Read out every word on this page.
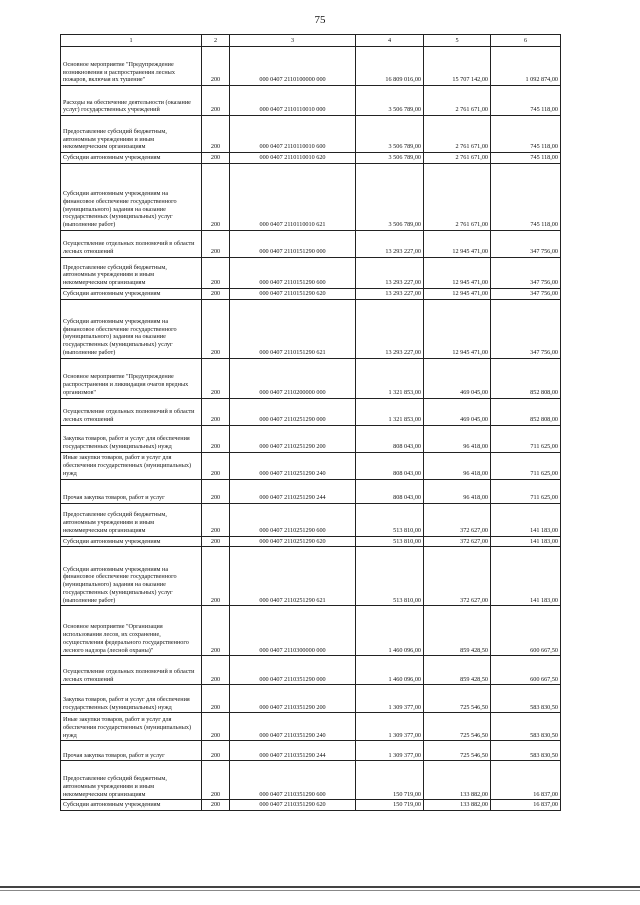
75
1	2	3	4	5	6
Основное мероприятие "Предупреждение возникновения и распространения лесных пожаров, включая их тушение"	200	000 0407 2110100000 000	16 809 016,00	15 707 142,00	1 092 874,00
Расходы на обеспечение деятельности (оказание услуг) государственных учреждений	200	000 0407 2110110010 000	3 506 789,00	2 761 671,00	745 118,00
Предоставление субсидий бюджетным, автономным учреждениям и иным некоммерческим организациям	200	000 0407 2110110010 600	3 506 789,00	2 761 671,00	745 118,00
Субсидии автономным учреждениям	200	000 0407 2110110010 620	3 506 789,00	2 761 671,00	745 118,00
Субсидии автономным учреждениям на финансовое обеспечение государственного (муниципального) задания на оказание государственных (муниципальных) услуг (выполнение работ)	200	000 0407 2110110010 621	3 506 789,00	2 761 671,00	745 118,00
Осуществление отдельных полномочий в области лесных отношений	200	000 0407 2110151290 000	13 293 227,00	12 945 471,00	347 756,00
Предоставление субсидий бюджетным, автономным учреждениям и иным некоммерческим организациям	200	000 0407 2110151290 600	13 293 227,00	12 945 471,00	347 756,00
Субсидии автономным учреждениям	200	000 0407 2110151290 620	13 293 227,00	12 945 471,00	347 756,00
Субсидии автономным учреждениям на финансовое обеспечение государственного (муниципального) задания на оказание государственных (муниципальных) услуг (выполнение работ)	200	000 0407 2110151290 621	13 293 227,00	12 945 471,00	347 756,00
Основное мероприятие "Предупреждение распространения и ликвидация очагов вредных организмов"	200	000 0407 2110200000 000	1 321 853,00	469 045,00	852 808,00
Осуществление отдельных полномочий в области лесных отношений	200	000 0407 2110251290 000	1 321 853,00	469 045,00	852 808,00
Закупка товаров, работ и услуг для обеспечения государственных (муниципальных) нужд	200	000 0407 2110251290 200	808 043,00	96 418,00	711 625,00
Иные закупки товаров, работ и услуг для обеспечения государственных (муниципальных) нужд	200	000 0407 2110251290 240	808 043,00	96 418,00	711 625,00
Прочая закупка товаров, работ и услуг	200	000 0407 2110251290 244	808 043,00	96 418,00	711 625,00
Предоставление субсидий бюджетным, автономным учреждениям и иным некоммерческим организациям	200	000 0407 2110251290 600	513 810,00	372 627,00	141 183,00
Субсидии автономным учреждениям	200	000 0407 2110251290 620	513 810,00	372 627,00	141 183,00
Субсидии автономным учреждениям на финансовое обеспечение государственного (муниципального) задания на оказание государственных (муниципальных) услуг (выполнение работ)	200	000 0407 2110251290 621	513 810,00	372 627,00	141 183,00
Основное мероприятие "Организация использования лесов, их сохранение, осуществления федерального государственного лесного надзора (лесной охраны)"	200	000 0407 2110300000 000	1 460 096,00	859 428,50	600 667,50
Осуществление отдельных полномочий в области лесных отношений	200	000 0407 2110351290 000	1 460 096,00	859 428,50	600 667,50
Закупка товаров, работ и услуг для обеспечения государственных (муниципальных) нужд	200	000 0407 2110351290 200	1 309 377,00	725 546,50	583 830,50
Иные закупки товаров, работ и услуг для обеспечения государственных (муниципальных) нужд	200	000 0407 2110351290 240	1 309 377,00	725 546,50	583 830,50
Прочая закупка товаров, работ и услуг	200	000 0407 2110351290 244	1 309 377,00	725 546,50	583 830,50
Предоставление субсидий бюджетным, автономным учреждениям и иным некоммерческим организациям	200	000 0407 2110351290 600	150 719,00	133 882,00	16 837,00
Субсидии автономным учреждениям	200	000 0407 2110351290 620	150 719,00	133 882,00	16 837,00
